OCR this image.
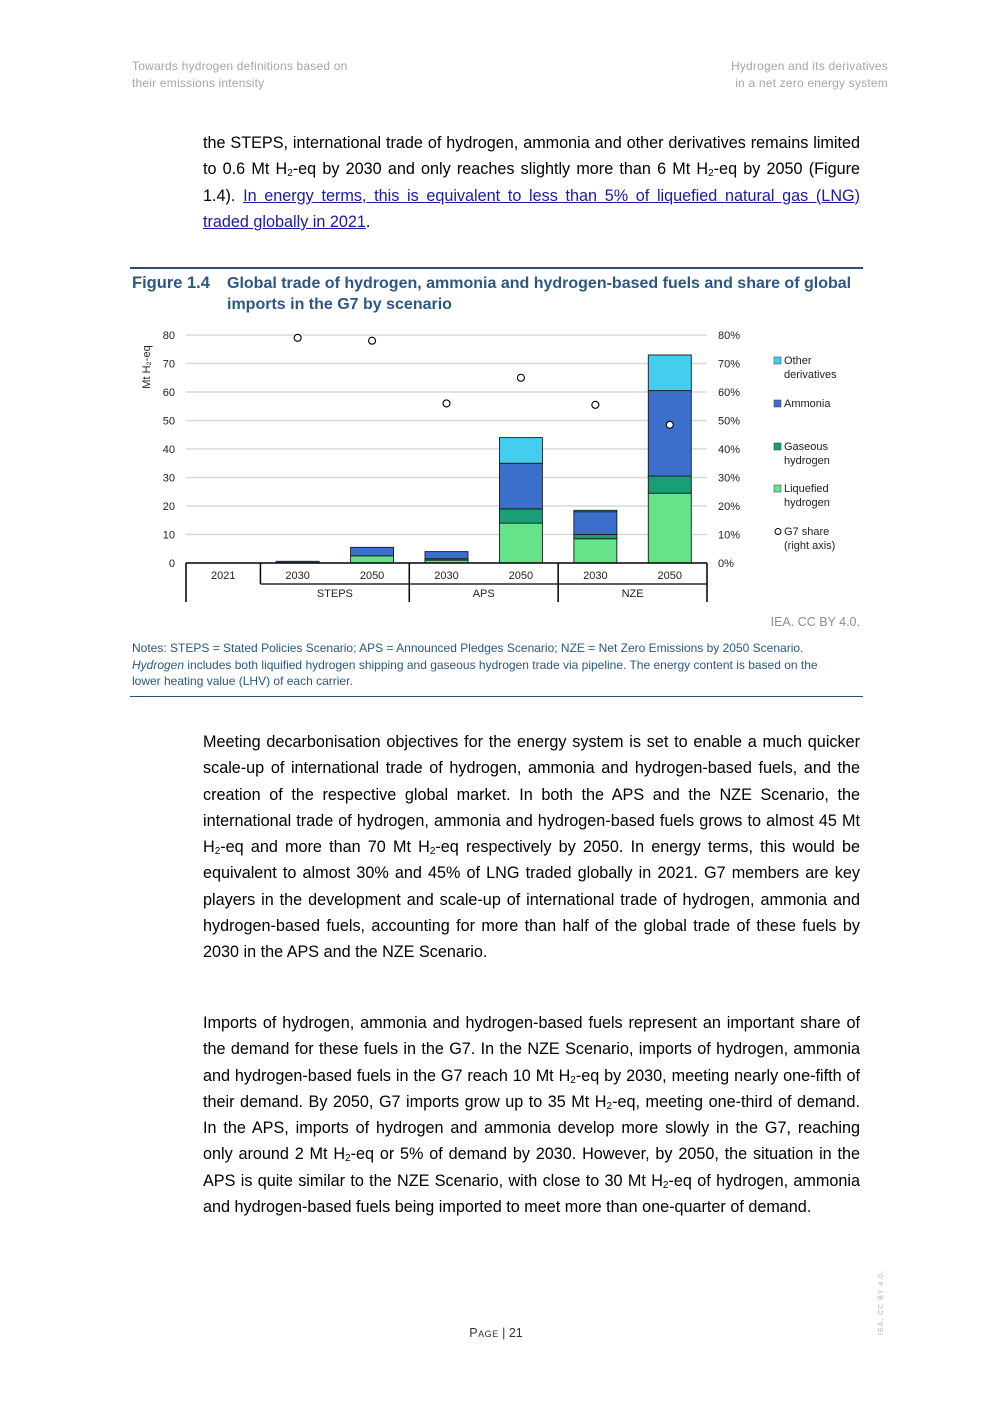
Towards hydrogen definitions based on
their emissions intensity
Hydrogen and its derivatives
in a net zero energy system

the STEPS, international trade of hydrogen, ammonia and other derivatives remains limited to 0.6 Mt $H_2-eq$ by 2030 and only reaches slightly more than 6 Mt $H_2-eq$ by 2050 (Figure 1.4). In energy terms, this is equivalent to less than 5% of liquefied natural gas (LNG) traded globally in 2021.

Figure 1.4 Global trade of hydrogen, ammonia and hydrogen-based fuels and share of global imports in the G7 by scenario
0
10
20
30
40
50
60
70
80
0%
10%
20%
30%
40%
50%
60%
70%
80%
Mt H₂-eq
2021	2030	2050	2030	2050	2030	2050
STEPS	APS	NZE
Other derivatives
Ammonia
Gaseous hydrogen
Liquefied hydrogen
G7 share (right axis)
IEA. CC BY 4.0.
Notes: STEPS = Stated Policies Scenario; APS = Announced Pledges Scenario; NZE = Net Zero Emissions by 2050 Scenario. Hydrogen includes both liquified hydrogen shipping and gaseous hydrogen trade via pipeline. The energy content is based on the lower heating value (LHV) of each carrier.

Meeting decarbonisation objectives for the energy system is set to enable a much quicker scale-up of international trade of hydrogen, ammonia and hydrogen-based fuels, and the creation of the respective global market. In both the APS and the NZE Scenario, the international trade of hydrogen, ammonia and hydrogen-based fuels grows to almost 45 Mt $H_2-eq$ and more than 70 Mt $H_2-eq$ respectively by 2050. In energy terms, this would be equivalent to almost 30% and 45% of LNG traded globally in 2021. G7 members are key players in the development and scale-up of international trade of hydrogen, ammonia and hydrogen-based fuels, accounting for more than half of the global trade of these fuels by 2030 in the APS and the NZE Scenario.

Imports of hydrogen, ammonia and hydrogen-based fuels represent an important share of the demand for these fuels in the G7. In the NZE Scenario, imports of hydrogen, ammonia and hydrogen-based fuels in the G7 reach 10 Mt $H_2-eq$ by 2030, meeting nearly one-fifth of their demand. By 2050, G7 imports grow up to 35 Mt $H_2-eq$, meeting one-third of demand. In the APS, imports of hydrogen and ammonia develop more slowly in the G7, reaching only around 2 Mt $H_2-eq$ or 5% of demand by 2030. However, by 2050, the situation in the APS is quite similar to the NZE Scenario, with close to 30 Mt $H_2-eq$ of hydrogen, ammonia and hydrogen-based fuels being imported to meet more than one-quarter of demand.

Page | 21	IEA. CC BY 4.0.
